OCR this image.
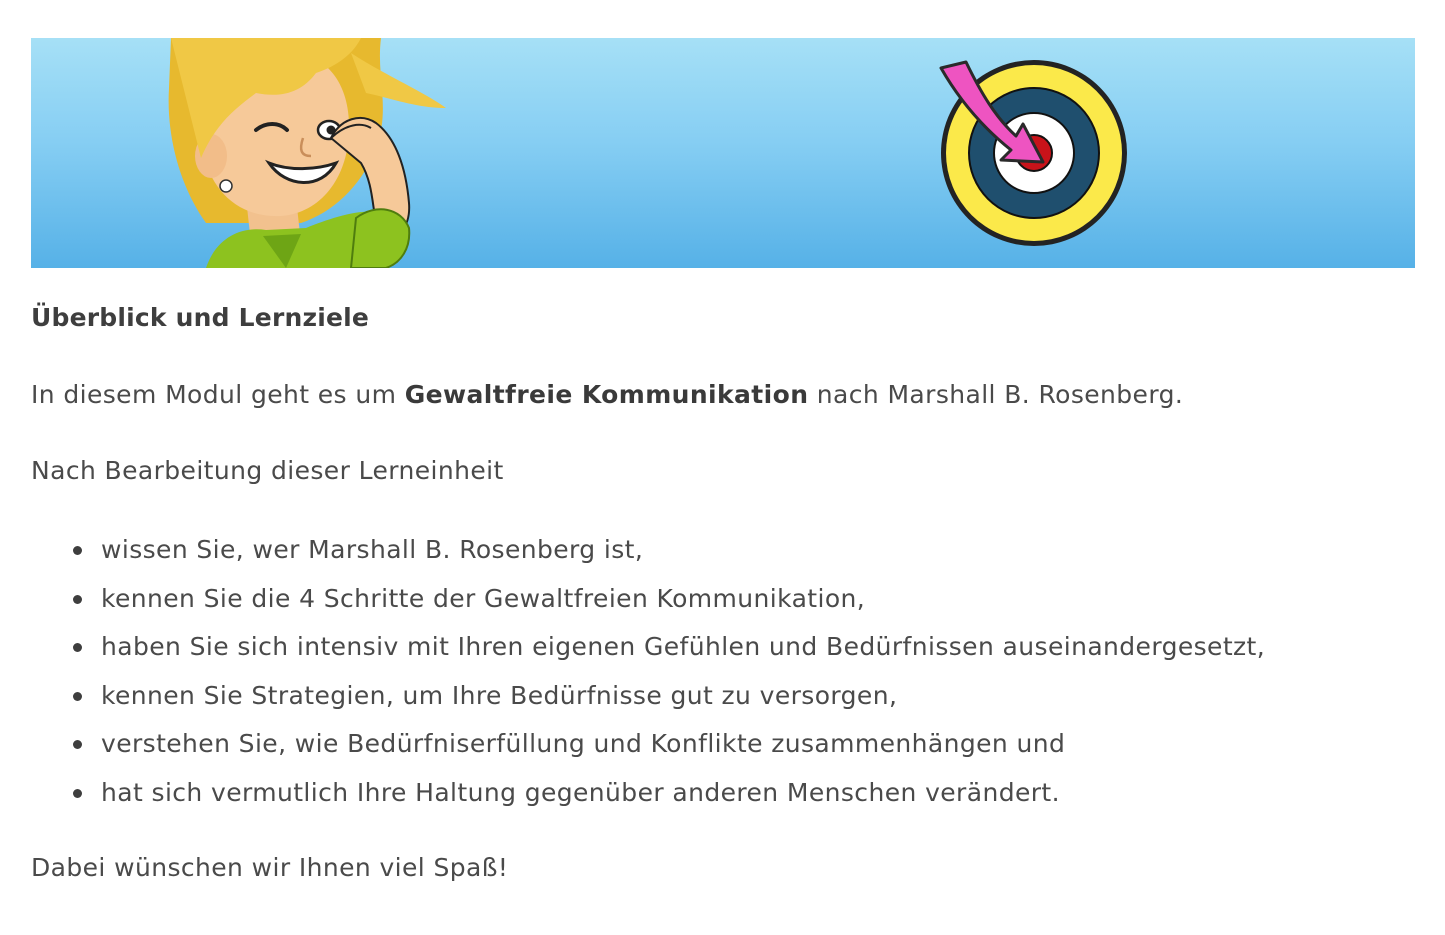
Überblick und Lernziele
In diesem Modul geht es um Gewaltfreie Kommunikation nach Marshall B. Rosenberg.
Nach Bearbeitung dieser Lerneinheit
wissen Sie, wer Marshall B. Rosenberg ist,
kennen Sie die 4 Schritte der Gewaltfreien Kommunikation,
haben Sie sich intensiv mit Ihren eigenen Gefühlen und Bedürfnissen auseinandergesetzt,
kennen Sie Strategien, um Ihre Bedürfnisse gut zu versorgen,
verstehen Sie, wie Bedürfniserfüllung und Konflikte zusammenhängen und
hat sich vermutlich Ihre Haltung gegenüber anderen Menschen verändert.
Dabei wünschen wir Ihnen viel Spaß!
